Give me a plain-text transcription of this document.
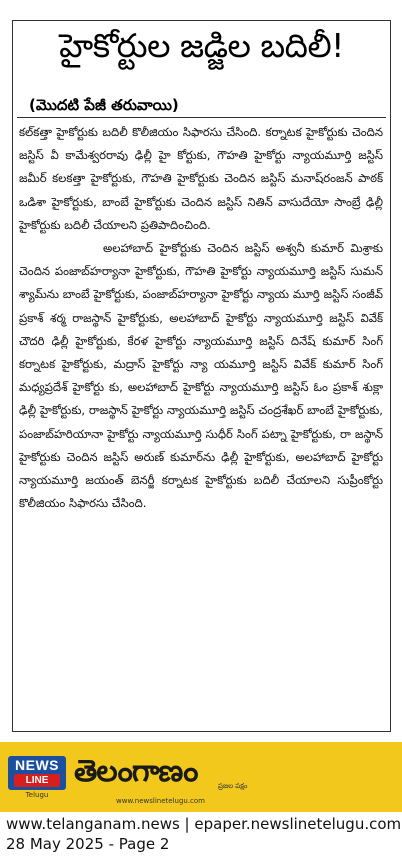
హైకోర్టుల జడ్జిల బదిలీ!
(మొదటి పేజీ తరువాయి)

కల్‌కత్తా హైకోర్టుకు బదిలీ కొలీజియం సిఫారసు చేసింది. కర్నాటక హైకోర్టుకు చెందిన జస్టిస్ వీ కామేశ్వరరావు ఢిల్లీ హై కోర్టుకు, గౌహతి హైకోర్టు న్యాయమూర్తి జస్టిస్ జమీర్ కలకత్తా హైకోర్టుకు, గౌహతి హైకోర్టుకు చెందిన జస్టిస్ మనాష్‌రంజన్ పాఠక్ ఒడిశా హైకోర్టుకు, బాంబే హైకోర్టుకు చెందిన జస్టిస్ నితిన్ వాసుదేయో సాంబ్రే ఢిల్లీ హైకోర్టుకు బదిలీ చేయాలని ప్రతిపాదించింది.

అలహాబాద్ హైకోర్టుకు చెందిన జస్టిస్ అశ్వనీ కుమార్ మిశ్రాకు చెందిన పంజాబ్‌హర్యానా హైకోర్టుకు, గౌహతి హైకోర్టు న్యాయమూర్తి జస్టిస్ సుమన్ శ్యామ్‌ను బాంబే హైకోర్టుకు, పంజాబ్‌హర్యానా హైకోర్టు న్యాయ మూర్తి జస్టిస్ సంజీవ్ ప్రకాశ్ శర్మ రాజస్థాన్ హైకోర్టుకు, అలహాబాద్ హైకోర్టు న్యాయమూర్తి జస్టిస్ వివేక్ చౌదరి ఢిల్లీ హైకోర్టుకు, కేరళ హైకోర్టు న్యాయమూర్తి జస్టిస్ దినేష్ కుమార్ సింగ్ కర్నాటక హైకోర్టుకు, మద్రాస్ హైకోర్టు న్యా యమూర్తి జస్టిస్ వివేక్ కుమార్ సింగ్ మధ్యప్రదేశ్ హైకోర్టు కు, అలహాబాద్ హైకోర్టు న్యాయమూర్తి జస్టిస్ ఓం ప్రకాశ్ శుక్లా ఢిల్లీ హైకోర్టుకు, రాజస్థాన్ హైకోర్టు న్యాయమూర్తి జస్టిస్ చంద్రశేఖర్ బాంబే హైకోర్టుకు, పంజాబ్‌హరియానా హైకోర్టు న్యాయమూర్తి సుధీర్ సింగ్ పట్నా హైకోర్టుకు, రా జస్థాన్ హైకోర్టుకు చెందిన జస్టిస్ అరుణ్ కుమార్‌ను ఢిల్లీ హైకోర్టుకు, అలహాబాద్ హైకోర్టు న్యాయమూర్తి జయంత్ బెనర్జీ కర్నాటక హైకోర్టుకు బదిలీ చేయాలని సుప్రీంకోర్టు కొలీజియం సిఫారసు చేసింది.

NEWS
LINE
Telugu
తెలంగాణం	ప్రజల పక్షం
www.newslinetelugu.com
www.telanganam.news | epaper.newslinetelugu.com
28 May 2025 - Page 2
